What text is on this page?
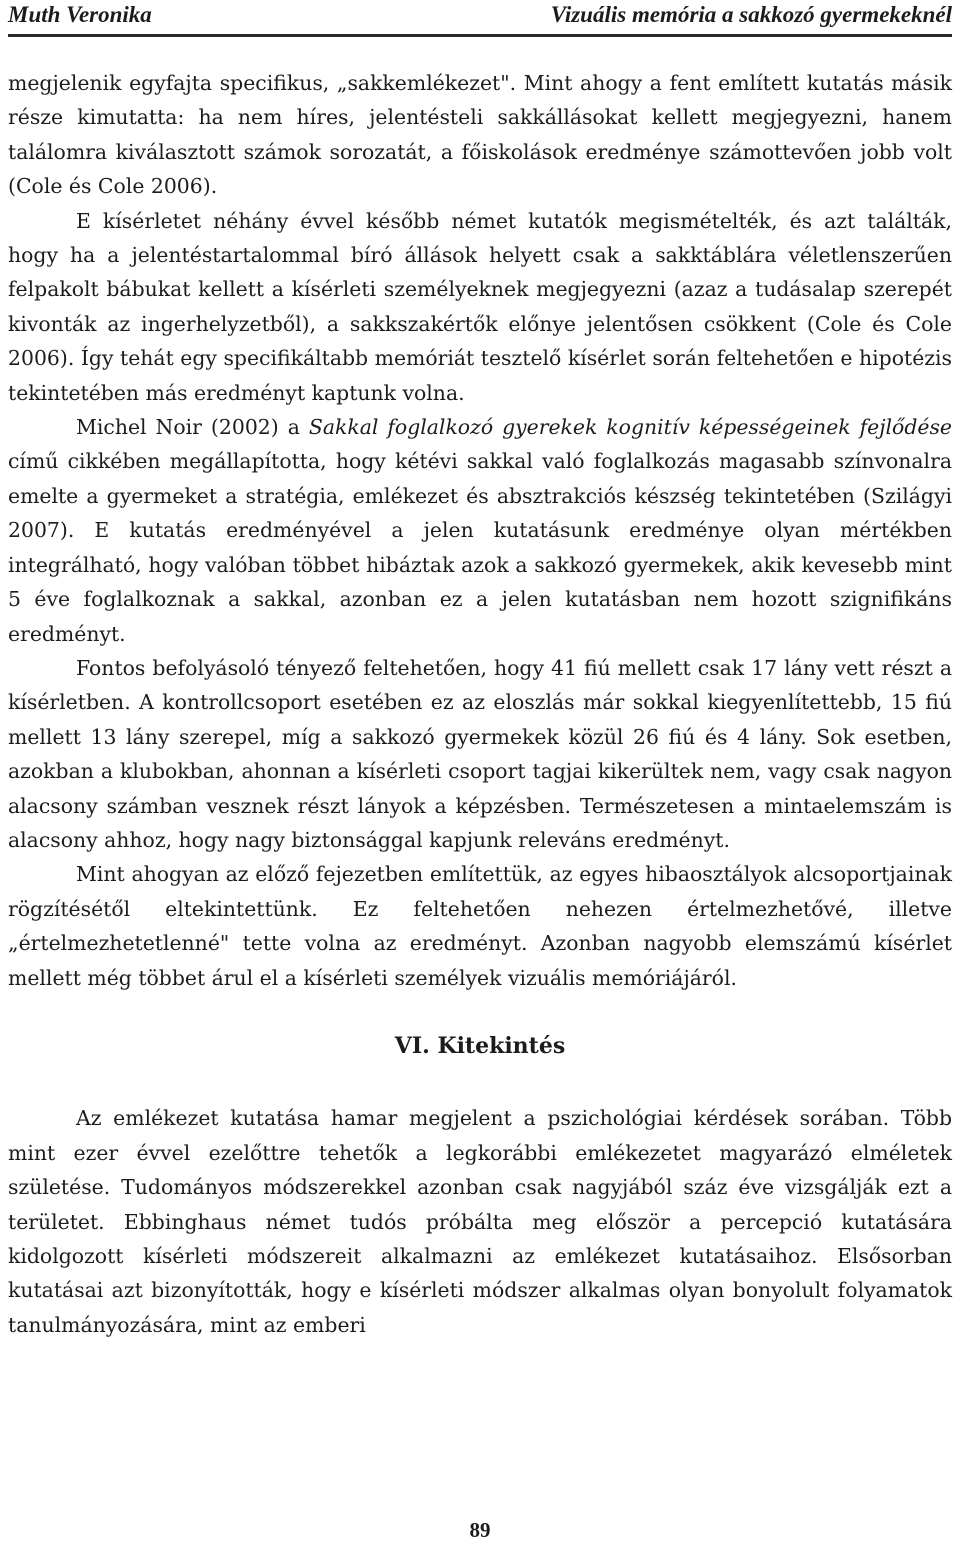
Muth Veronika	Vizuális memória a sakkozó gyermekeknél

megjelenik egyfajta specifikus, „sakkemlékezet". Mint ahogy a fent említett kutatás másik része kimutatta: ha nem híres, jelentésteli sakkállásokat kellett megjegyezni, hanem találomra kiválasztott számok sorozatát, a főiskolások eredménye számottevően jobb volt (Cole és Cole 2006).

E kísérletet néhány évvel később német kutatók megismételték, és azt találták, hogy ha a jelentéstartalommal bíró állások helyett csak a sakktáblára véletlenszerűen felpakolt bábukat kellett a kísérleti személyeknek megjegyezni (azaz a tudásalap szerepét kivonták az ingerhelyzetből), a sakkszakértők előnye jelentősen csökkent (Cole és Cole 2006). Így tehát egy specifikáltabb memóriát tesztelő kísérlet során feltehetően e hipotézis tekintetében más eredményt kaptunk volna.

Michel Noir (2002) a Sakkal foglalkozó gyerekek kognitív képességeinek fejlődése című cikkében megállapította, hogy kétévi sakkal való foglalkozás magasabb színvonalra emelte a gyermeket a stratégia, emlékezet és absztrakciós készség tekintetében (Szilágyi 2007). E kutatás eredményével a jelen kutatásunk eredménye olyan mértékben integrálható, hogy valóban többet hibáztak azok a sakkozó gyermekek, akik kevesebb mint 5 éve foglalkoznak a sakkal, azonban ez a jelen kutatásban nem hozott szignifikáns eredményt.

Fontos befolyásoló tényező feltehetően, hogy 41 fiú mellett csak 17 lány vett részt a kísérletben. A kontrollcsoport esetében ez az eloszlás már sokkal kiegyenlítettebb, 15 fiú mellett 13 lány szerepel, míg a sakkozó gyermekek közül 26 fiú és 4 lány. Sok esetben, azokban a klubokban, ahonnan a kísérleti csoport tagjai kikerültek nem, vagy csak nagyon alacsony számban vesznek részt lányok a képzésben. Természetesen a mintaelemszám is alacsony ahhoz, hogy nagy biztonsággal kapjunk releváns eredményt.

Mint ahogyan az előző fejezetben említettük, az egyes hibaosztályok alcsoportjainak rögzítésétől eltekintettünk. Ez feltehetően nehezen értelmezhetővé, illetve „értelmezhetetlenné" tette volna az eredményt. Azonban nagyobb elemszámú kísérlet mellett még többet árul el a kísérleti személyek vizuális memóriájáról.

VI. Kitekintés

Az emlékezet kutatása hamar megjelent a pszichológiai kérdések sorában. Több mint ezer évvel ezelőttre tehetők a legkorábbi emlékezetet magyarázó elméletek születése. Tudományos módszerekkel azonban csak nagyjából száz éve vizsgálják ezt a területet. Ebbinghaus német tudós próbálta meg először a percepció kutatására kidolgozott kísérleti módszereit alkalmazni az emlékezet kutatásaihoz. Elsősorban kutatásai azt bizonyították, hogy e kísérleti módszer alkalmas olyan bonyolult folyamatok tanulmányozására, mint az emberi

89
